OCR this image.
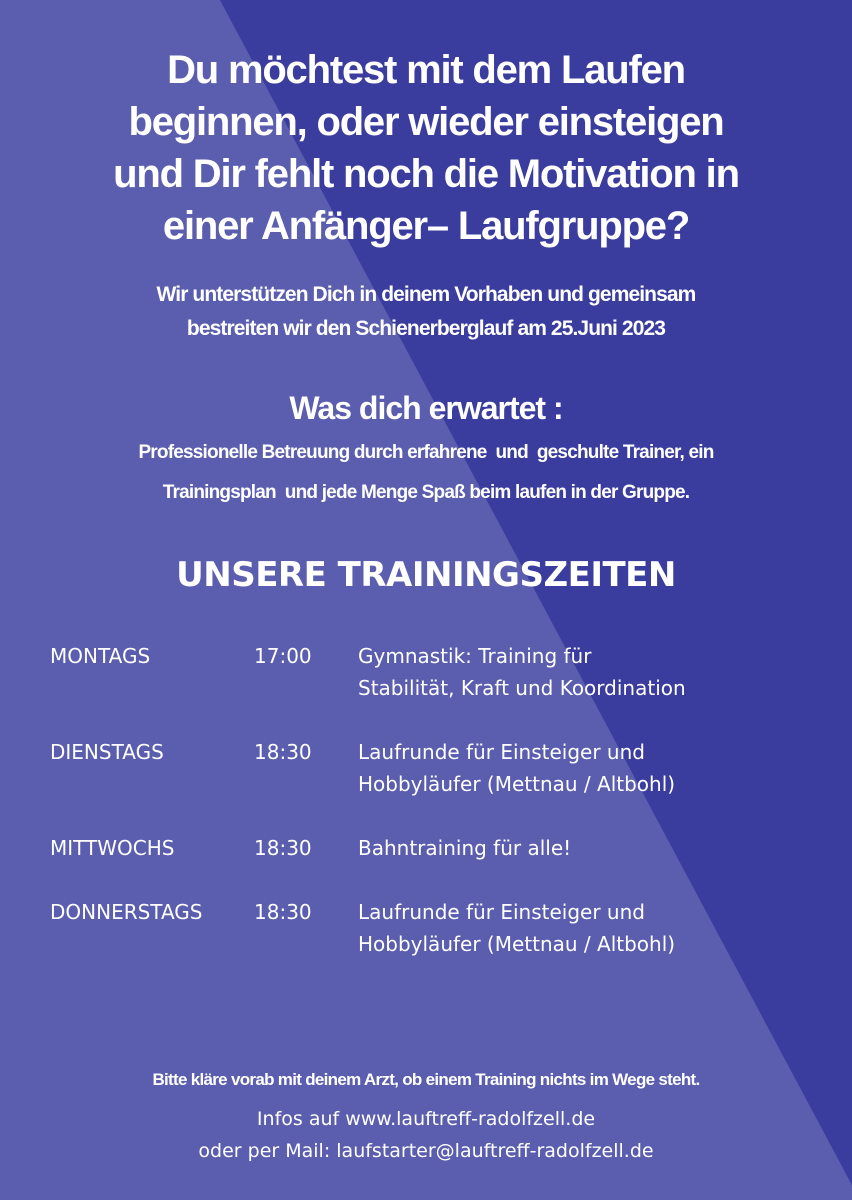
Du möchtest mit dem Laufen
beginnen, oder wieder einsteigen
und Dir fehlt noch die Motivation in
einer Anfänger– Laufgruppe?

Wir unterstützen Dich in deinem Vorhaben und gemeinsam
bestreiten wir den Schienerberglauf am 25.Juni 2023

Was dich erwartet :

Professionelle Betreuung durch erfahrene  und  geschulte Trainer, ein
Trainingsplan  und jede Menge Spaß beim laufen in der Gruppe.

UNSERE TRAININGSZEITEN
MONTAGS	17:00 Gymnastik: Training für
Stabilität, Kraft und Koordination
DIENSTAGS	18:30 Laufrunde für Einsteiger und
Hobbyläufer (Mettnau / Altbohl)
MITTWOCHS	18:30 Bahntraining für alle!
DONNERSTAGS	18:30 Laufrunde für Einsteiger und
Hobbyläufer (Mettnau / Altbohl)

Bitte kläre vorab mit deinem Arzt, ob einem Training nichts im Wege steht.

Infos auf www.lauftreff-radolfzell.de
oder per Mail: laufstarter@lauftreff-radolfzell.de
